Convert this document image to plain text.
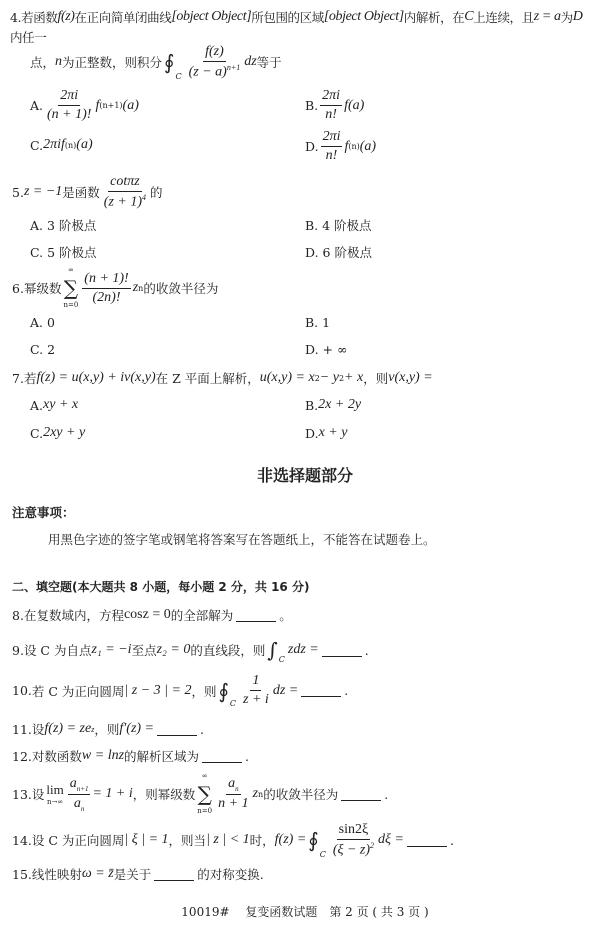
4. 若函数 f(z) 在正向简单闭曲线 [object Object] 所包围的区域 [object Object] 内解析，在 C 上连续，且 z = a 为 D
内任一
点， n 为正整数，则积分 ∮
C $\frac{f(z)}{(z - a)^{n+1}}$ dz 等于
A. $\frac{2\pi i}{(n + 1)!}$ f (n+1) (a)	B. $\frac{2\pi i}{n!} f(a)$
C. 2πif (n) (a)	D. $\frac{2\pi i}{n!}$ f (n) (a)
5. z = −1 是函数 $\frac{\cot\pi z}{(z + 1)^4}$ 的
A. 3 阶极点	B. 4 阶极点
C. 5 阶极点	D. 6 阶极点
6. 幂级数
∞
∑
$n=0 \frac{(n + 1)!}{(2n)!}$ z n 的收敛半径为
A. 0	B. 1
C. 2	D. + ∞
7. 若 f(z) = u(x,y) + iv(x,y) 在 Z 平面上解析， u(x,y) = x 2 − y 2 + x ，则 v(x,y) =
A. xy + x	B. 2x + 2y
C. 2xy + y	D. x + y
非选择题部分
注意事项：
用黑色字迹的签字笔或钢笔将答案写在答题纸上，不能答在试题卷上。
二、填空题(本大题共 8 小题，每小题 2 分，共 16 分)
8. 在复数域内，方程 cosz = 0 的全部解为	。
9. 设 C 为自点 z₁ = −i 至点 z₂ = 0 的直线段，则 ∫ C
zdz =	.
10. 若 C 为正向圆周 | z − 3 | = 2 ，则 ∮
C $\frac{1}{z + i}$ dz =	.
11. 设 f(z) = ze z ，则 f′(z) =	.
12. 对数函数 w = lnz 的解析区域为	.
13. 设 lim
$n\to\infty \frac{a_{n+1}}{a_n} = 1 + i$ ，则幂级数
∞
∑
$n=0 \frac{a_n}{n + 1}$ z n 的收敛半径为	.
14. 设 C 为正向圆周 | ξ | = 1 ，则当 | z | < 1 时， f(z) = ∮
C $\frac{\sin 2\xi}{(\xi - z)^2}$ dξ =	.
15. 线性映射 ω = z̄ 是关于	的对称变换.
10019#　 复变函数试题　第 2 页 ( 共 3 页 )
